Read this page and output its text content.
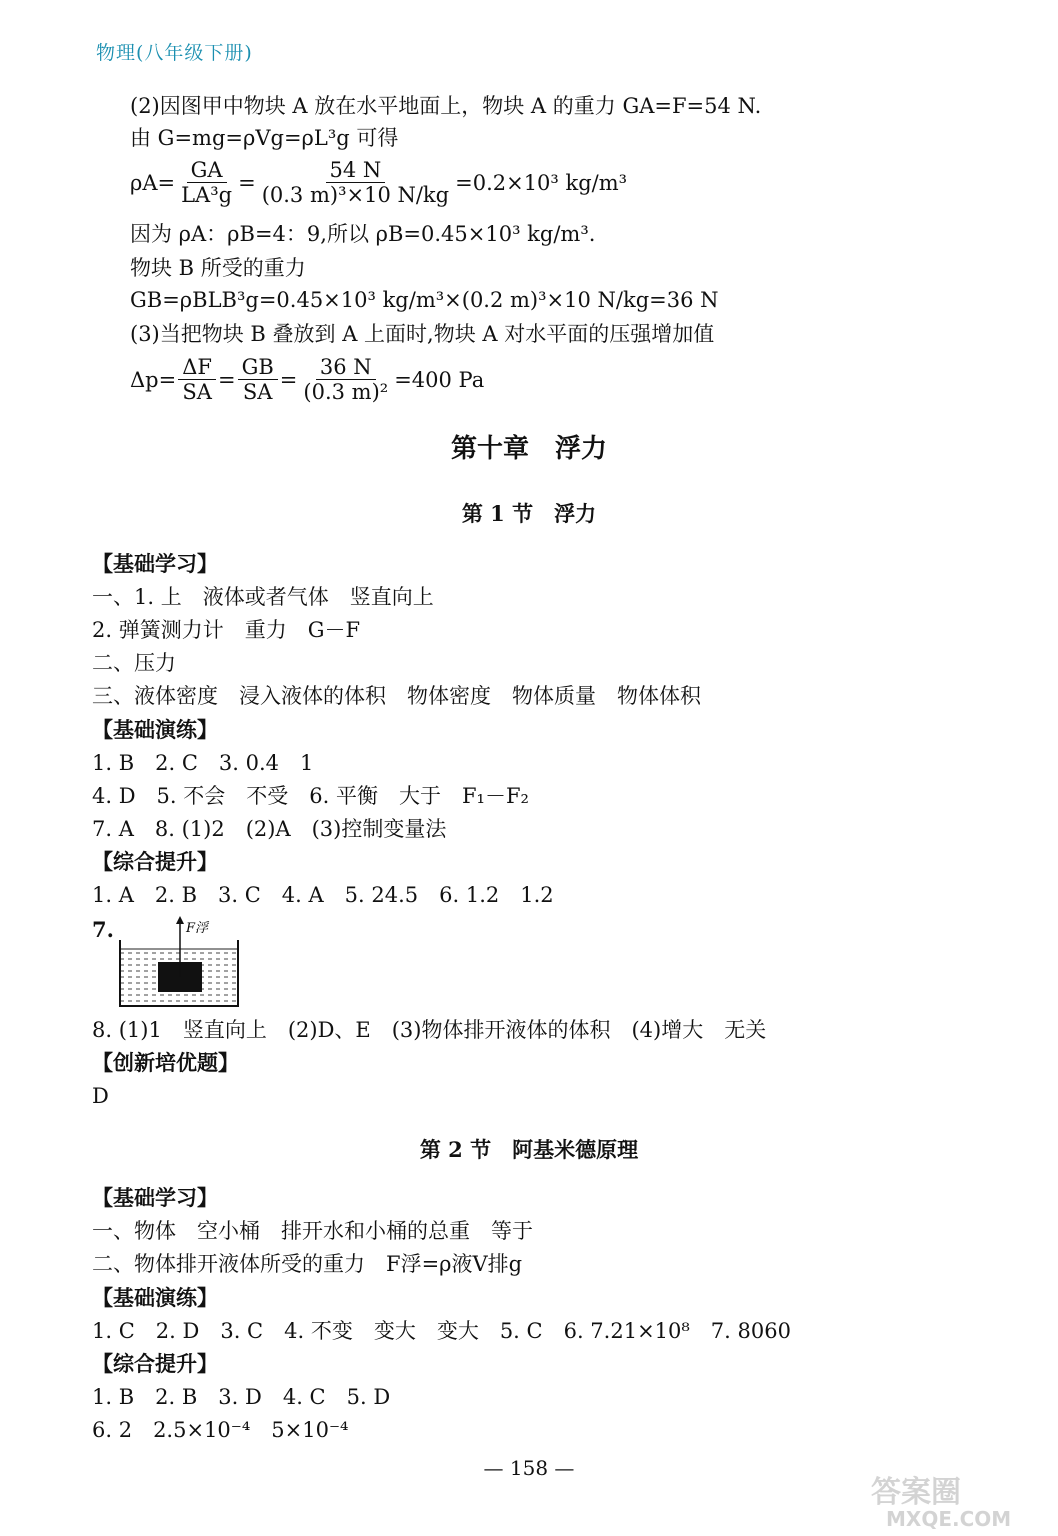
物理(八年级下册)
(2)因图甲中物块 A 放在水平地面上，物块 A 的重力 GA=F=54 N.
由 G=mg=ρVg=ρL³g 可得
$\rho A= \frac{GA}{\text{LA³g}} = \frac{54 N}{\text{(0.3 m)³×10 N/kg}} =0.2\times 10^3$ kg/m³
因为 ρA：ρB=4：9,所以 ρB=0.45×10³ kg/m³.
物块 B 所受的重力
GB=ρBLB³g=0.45×10³ kg/m³×(0.2 m)³×10 N/kg=36 N
(3)当把物块 B 叠放到 A 上面时,物块 A 对水平面的压强增加值
$\Delta p= \frac{\Delta F}{SA} = \frac{GB}{SA} = \frac{36 N}{\text{(0.3 m)²}} =400$ Pa
第十章　浮力
第 1 节　浮力
【基础学习】
一、1. 上　液体或者气体　竖直向上
2. 弹簧测力计　重力　G－F
二、压力
三、液体密度　浸入液体的体积　物体密度　物体质量　物体体积
【基础演练】
1. B　2. C　3. 0.4　1
4. D　5. 不会　不受　6. 平衡　大于　F₁－F₂
7. A　8. (1)2　(2)A　(3)控制变量法
【综合提升】
1. A　2. B　3. C　4. A　5. 24.5　6. 1.2　1.2
7.	F浮
8. (1)1　竖直向上　(2)D、E　(3)物体排开液体的体积　(4)增大　无关
【创新培优题】
D
第 2 节　阿基米德原理
【基础学习】
一、物体　空小桶　排开水和小桶的总重　等于
二、物体排开液体所受的重力　F浮=ρ液V排g
【基础演练】
1. C　2. D　3. C　4. 不变　变大　变大　5. C　6. 7.21×10⁸　7. 8060
【综合提升】
1. B　2. B　3. D　4. C　5. D
6. 2　2.5×10⁻⁴　5×10⁻⁴
— 158 —
答案圈
MXQE.COM
